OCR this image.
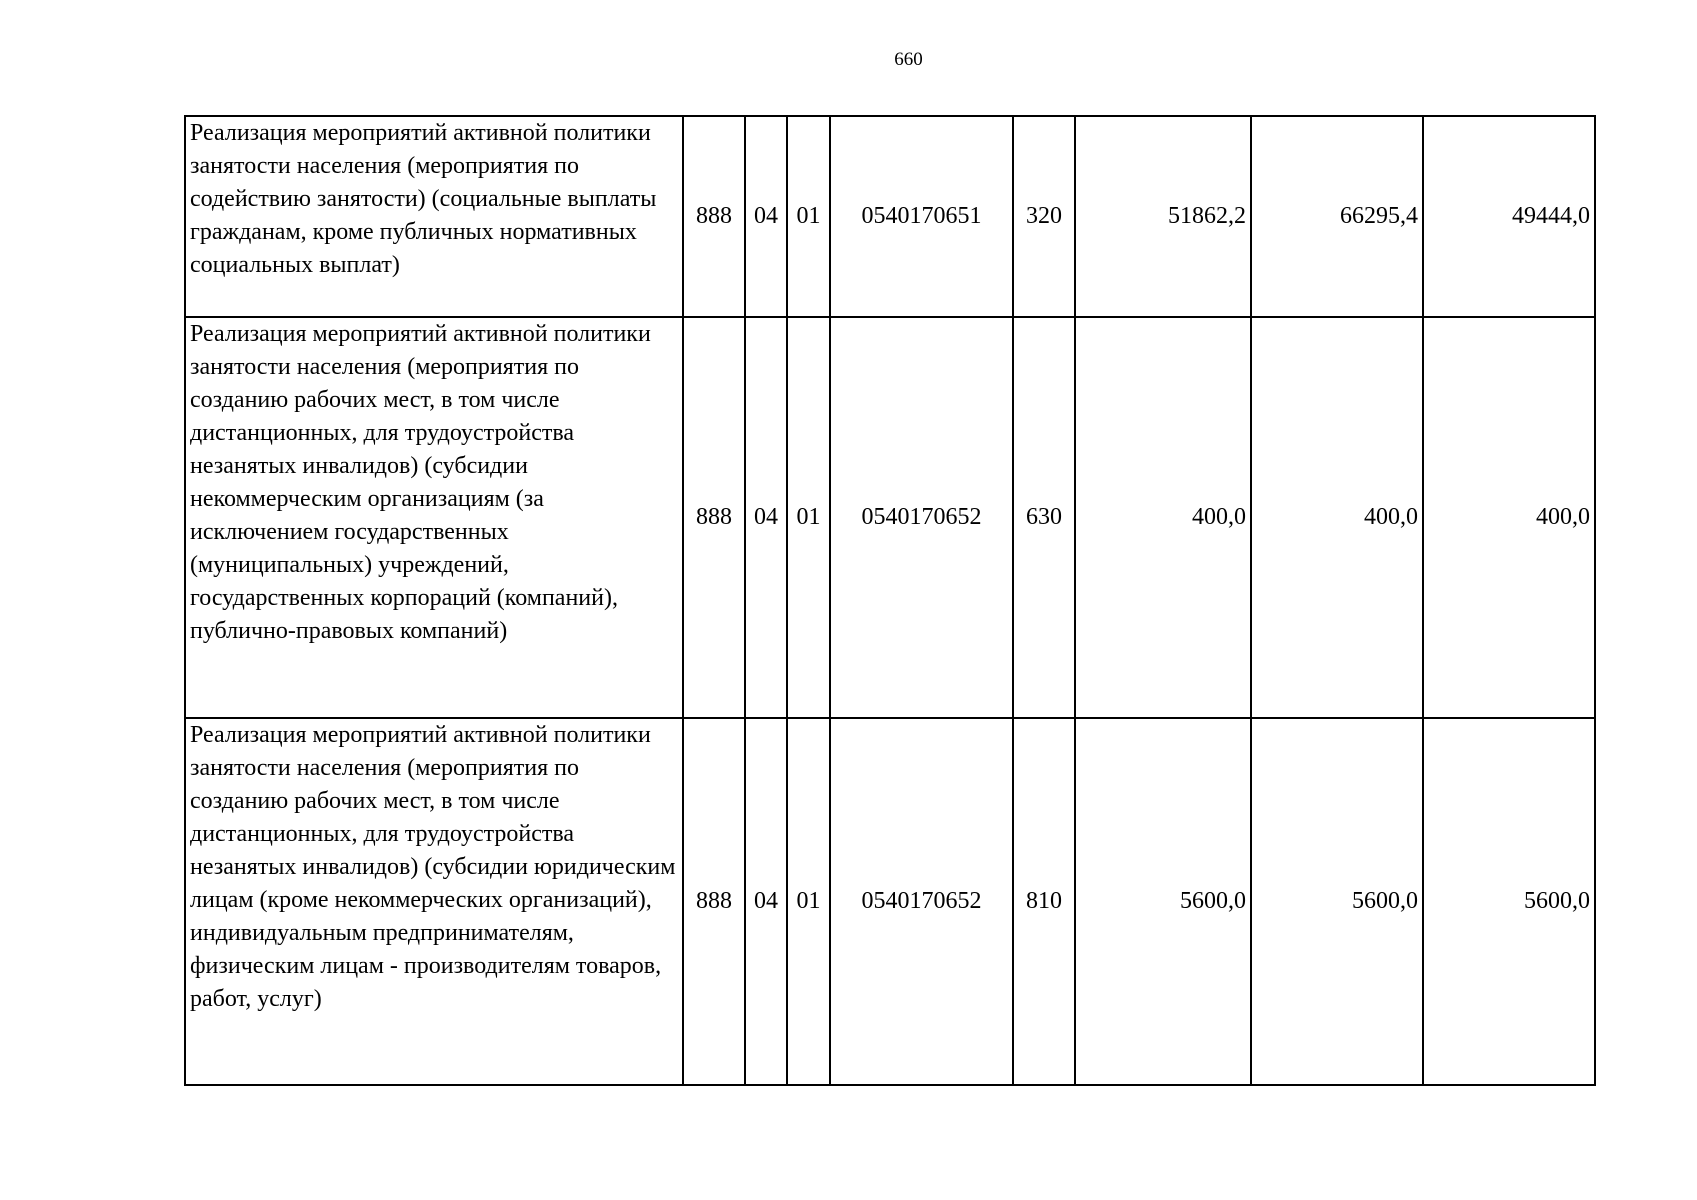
660
Реализация мероприятий активной политики занятости населения (мероприятия по содействию занятости) (социальные выплаты гражданам, кроме публичных нормативных социальных выплат)	888	04	01	0540170651	320	51862,2	66295,4	49444,0
Реализация мероприятий активной политики занятости населения (мероприятия по созданию рабочих мест, в том числе дистанционных, для трудоустройства незанятых инвалидов) (субсидии некоммерческим организациям (за исключением государственных (муниципальных) учреждений, государственных корпораций (компаний), публично-правовых компаний)	888	04	01	0540170652	630	400,0	400,0	400,0
Реализация мероприятий активной политики занятости населения (мероприятия по созданию рабочих мест, в том числе дистанционных, для трудоустройства незанятых инвалидов) (субсидии юридическим лицам (кроме некоммерческих организаций), индивидуальным предпринимателям, физическим лицам - производителям товаров, работ, услуг)	888	04	01	0540170652	810	5600,0	5600,0	5600,0
